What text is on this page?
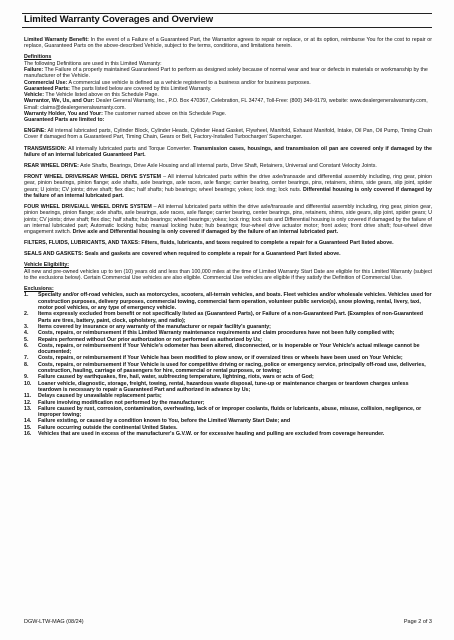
Limited Warranty Coverages and Overview

Limited Warranty Benefit: In the event of a Failure of a Guaranteed Part, the Warrantor agrees to repair or replace, or at its option, reimburse You for the cost to repair or replace, Guaranteed Parts on the above-described Vehicle, subject to the terms, conditions, and limitations herein.

Definitions

The following Definitions are used in this Limited Warranty:

Failure: The Failure of a properly maintained Guaranteed Part to perform as designed solely because of normal wear and tear or defects in materials or workmanship by the manufacturer of the Vehicle.

Commercial Use: A commercial use vehicle is defined as a vehicle registered to a business and/or for business purposes.

Guaranteed Parts: The parts listed below are covered by this Limited Warranty.

Vehicle: The Vehicle listed above on this Schedule Page.

Warrantor, We, Us, and Our: Dealer General Warranty, Inc., P.O. Box 470367, Celebration, FL 34747, Toll-Free: (800) 349-9179, website: www.dealergeneralwarranty.com, Email: claims@dealergeneralwarranty.com.

Warranty Holder, You and Your: The customer named above on this Schedule Page.

Guaranteed Parts are limited to:

ENGINE: All internal lubricated parts, Cylinder Block, Cylinder Heads, Cylinder Head Gasket, Flywheel, Manifold, Exhaust Manifold, Intake, Oil Pan, Oil Pump, Timing Chain Cover if damaged from a Guaranteed Part, Timing Chain, Gears or Belt, Factory-Installed Turbocharger/ Supercharger.

TRANSMISSION: All internally lubricated parts and Torque Converter. Transmission cases, housings, and transmission oil pan are covered only if damaged by the failure of an internal lubricated Guaranteed Part.

REAR WHEEL DRIVE: Axle Shafts, Bearings, Drive Axle Housing and all internal parts, Drive Shaft, Retainers, Universal and Constant Velocity Joints.

FRONT WHEEL DRIVE/REAR WHEEL DRIVE SYSTEM – All internal lubricated parts within the drive axle/transaxle and differential assembly including, ring gear, pinion gear, pinion bearings, pinion flange; axle shafts, axle bearings, axle races, axle flange; carrier bearing, center bearings, pins, retainers, shims, side gears, slip joint, spider gears; U joints; CV joints; drive shaft; flex disc; half shafts; hub bearings; wheel bearings; yokes; lock ring; lock nuts. Differential housing is only covered if damaged by the failure of an internal lubricated part.

FOUR WHEEL DRIVE/ALL WHEEL DRIVE SYSTEM – All internal lubricated parts within the drive axle/transaxle and differential assembly including, ring gear, pinion gear, pinion bearings, pinion flange; axle shafts, axle bearings, axle races, axle flange; carrier bearing, center bearings, pins, retainers, shims, side gears, slip joint, spider gears; U joints; CV joints; drive shaft; flex disc; half shafts; hub bearings; wheel bearings; yokes; lock ring; lock nuts and Differential housing is only covered if damaged by the failure of an internal lubricated part; Automatic locking hubs; manual locking hubs; hub bearings; four-wheel drive actuator motor; front axles; front drive shaft; four-wheel drive engagement switch. Drive axle and Differential housing is only covered if damaged by the failure of an internal lubricated part.

FILTERS, FLUIDS, LUBRICANTS, AND TAXES: Filters, fluids, lubricants, and taxes required to complete a repair for a Guaranteed Part listed above.

SEALS AND GASKETS: Seals and gaskets are covered when required to complete a repair for a Guaranteed Part listed above.

Vehicle Eligibility:

All new and pre-owned vehicles up to ten (10) years old and less than 100,000 miles at the time of Limited Warranty Start Date are eligible for this Limited Warranty (subject to the exclusions below). Certain Commercial Use vehicles are also eligible. Commercial Use vehicles are eligible if they satisfy the Definition of Commercial Use.

Exclusions:

1.	Specialty and/or off-road vehicles, such as motorcycles, scooters, all-terrain vehicles, and boats. Fleet vehicles and/or wholesale vehicles. Vehicles used for construction purposes, delivery purposes, commercial towing, commercial farm operation, volunteer public service(s), snow plowing, rental, livery, taxi, motor pool vehicles, or any type of emergency vehicle.
2.	Items expressly excluded from benefit or not specifically listed as (Guaranteed Parts), or Failure of a non-Guaranteed Part. (Examples of non-Guaranteed Parts are tires, battery, paint, clock, upholstery, and radio);
3.	Items covered by insurance or any warranty of the manufacturer or repair facility's guaranty;
4.	Costs, repairs, or reimbursement if this Limited Warranty maintenance requirements and claim procedures have not been fully complied with;
5.	Repairs performed without Our prior authorization or not performed as authorized by Us;
6.	Costs, repairs, or reimbursement if Your Vehicle's odometer has been altered, disconnected, or is inoperable or Your Vehicle's actual mileage cannot be documented;
7.	Costs, repairs, or reimbursement if Your Vehicle has been modified to plow snow, or if oversized tires or wheels have been used on Your Vehicle;
8.	Costs, repairs, or reimbursement if Your Vehicle is used for competitive driving or racing, police or emergency service, principally off-road use, deliveries, construction, hauling, carriage of passengers for hire, commercial or rental purposes, or towing;
9.	Failure caused by earthquakes, fire, hail, water, subfreezing temperature, lightning, riots, wars or acts of God;
10.	Loaner vehicle, diagnostic, storage, freight, towing, rental, hazardous waste disposal, tune-up or maintenance charges or teardown charges unless teardown is necessary to repair a Guaranteed Part and authorized in advance by Us;
11.	Delays caused by unavailable replacement parts;
12.	Failure involving modification not performed by the manufacturer;
13.	Failure caused by rust, corrosion, contamination, overheating, lack of or improper coolants, fluids or lubricants, abuse, misuse, collision, negligence, or improper towing;
14.	Failure existing, or caused by a condition known to You, before the Limited Warranty Start Date; and
15.	Failure occurring outside the continental United States.
16.	Vehicles that are used in excess of the manufacturer's G.V.W. or for excessive hauling and pulling are excluded from coverage hereunder.
DGW-LTW-MAG (08/24)	Page 2 of 3
